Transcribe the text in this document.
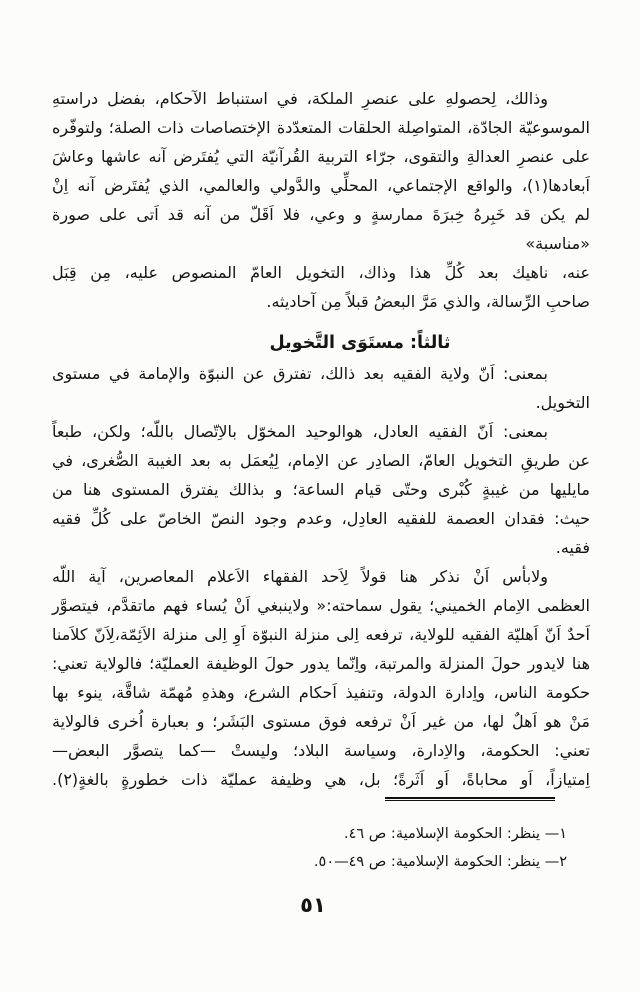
وذالك، لِحصولهِ على عنصرِ الملكة، في استنباط الآحكام، بفضل دراستهِ
الموسوعيّة الجادّة، المتواصِلة الحلقات المتعدّدة الإختصاصات ذات الصلة؛ ولتوفّره
على عنصرِ العدالةِ والتقوى، جرّاء التربية القُرآنيّة التي يُفتَرض آنه عاشها وعاشَ
اَبعادها(١)، والواقع الإجتماعي، المحلِّي والدَّولي والعالمي، الذي يُفتَرض آنه اِنْ
لم يكن قد خَبِرهُ خِبرَةَ ممارسةٍ و وعي، فلا اَقَلّ من آنه قد اَتى على صورة «مناسبة»
عنه، ناهيك بعد كُلِّ هذا وذاك، التخويل العامّ المنصوص عليه، مِن قِبَل
صاحبِ الرِّسالة، والذي مَرَّ البعضُ قبلاً مِن آحاديثه.
ثالثاً: مستَوَى التَّخويل
بمعنى: اَنّ ولاية الفقيه بعد ذالك، تفترق عن النبوّة والإمامة في مستوى
التخويل.
بمعنى: اَنّ الفقيه العادل، هوالوحيد المخوّل بالاِتّصال باللّه؛ ولكن، طبعاً
عن طريقِ التخويل العامّ، الصادِر عن الاِمام، لِيُعمَل به بعد الغيبة الصُّغرى، في
مايليها من غيبةٍ كُبْرى وحتّى قيام الساعة؛ و بذالك يفترق المستوى هنا من
حيث: فقدان العصمة للفقيه العادِل، وعدم وجود النصّ الخاصّ على كُلِّ فقيه
فقيه.
ولابأس اَنْ نذكر هنا قولاً لِاَحد الفقهاء الاَعلام المعاصرين، آية اللّه
العظمى الاِمام الخميني؛ يقول سماحته:« ولاينبغي اَنْ يُساء فهم ماتقدَّم، فيتصوَّر
اَحدٌ اَنّ اَهليّة الفقيه للولاية، ترفعه اِلى منزلة النبوّة اَوِ اِلى منزلة الاَئِمّة،لِاَنّ كلاَمنا
هنا لايدور حولَ المنزلة والمرتبة، واِنّما يدور حولَ الوظيفة العمليّة؛ فالولاية تعني:
حكومة الناس، واِدارة الدولة، وتنفيذ اَحكام الشرع، وهذهِ مُهمّة شاقَّة، ينوء بها
مَنْ هو اَهلٌ لها، من غير اَنْ ترفعه فوق مستوى البَشَر؛ و بعبارة اُخرى فالولاية
تعني: الحكومة، والاِدارة، وسياسة البلاد؛ وليستْ —كما يتصوَّر البعض—
اِمتيازاً، اَو محاباةً، اَو اَثَرةً؛ بل، هي وظيفة عمليّة ذات خطورةٍ بالغةٍ(٢).
١— ينظر: الحكومة الإسلامية: ص ٤٦.
٢— ينظر: الحكومة الإسلامية: ص ٤٩—٥٠.
٥١
